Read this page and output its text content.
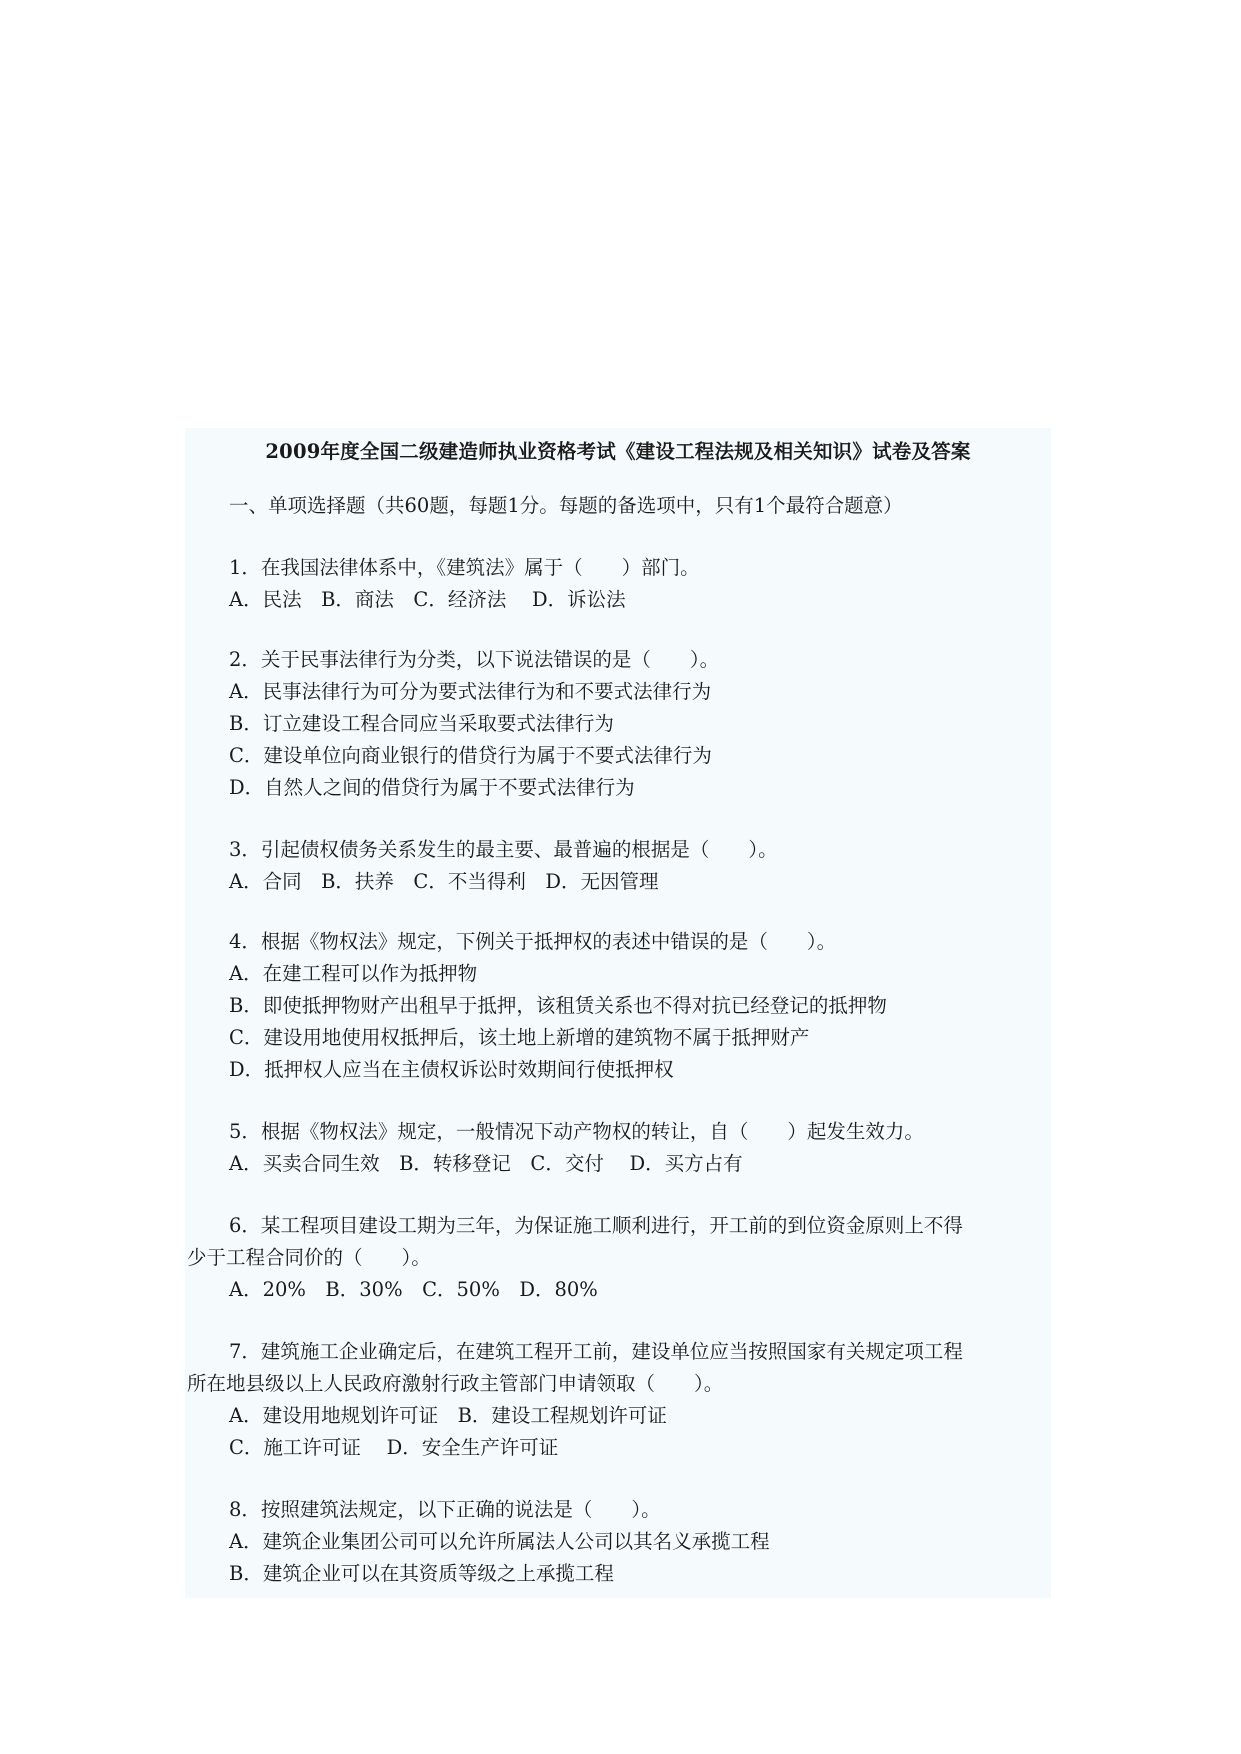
2009年度全国二级建造师执业资格考试《建设工程法规及相关知识》试卷及答案
一、单项选择题（共60题，每题1分。每题的备选项中，只有1个最符合题意）
1．在我国法律体系中，《建筑法》属于（　　）部门。
A．民法　B．商法　C．经济法　 D．诉讼法
2．关于民事法律行为分类，以下说法错误的是（　　）。
A．民事法律行为可分为要式法律行为和不要式法律行为
B．订立建设工程合同应当采取要式法律行为
C．建设单位向商业银行的借贷行为属于不要式法律行为
D．自然人之间的借贷行为属于不要式法律行为
3．引起债权债务关系发生的最主要、最普遍的根据是（　　）。
A．合同　B．扶养　C．不当得利　D．无因管理
4．根据《物权法》规定，下例关于抵押权的表述中错误的是（　　）。
A．在建工程可以作为抵押物
B．即使抵押物财产出租早于抵押，该租赁关系也不得对抗已经登记的抵押物
C．建设用地使用权抵押后，该土地上新增的建筑物不属于抵押财产
D．抵押权人应当在主债权诉讼时效期间行使抵押权
5．根据《物权法》规定，一般情况下动产物权的转让，自（　　）起发生效力。
A．买卖合同生效　B．转移登记　C．交付　 D．买方占有
6．某工程项目建设工期为三年，为保证施工顺利进行，开工前的到位资金原则上不得
少于工程合同价的（　　）。
A．20%　B．30%　C．50%　D．80%
7．建筑施工企业确定后，在建筑工程开工前，建设单位应当按照国家有关规定项工程
所在地县级以上人民政府激射行政主管部门申请领取（　　）。
A．建设用地规划许可证　B．建设工程规划许可证
C．施工许可证　 D．安全生产许可证
8．按照建筑法规定，以下正确的说法是（　　）。
A．建筑企业集团公司可以允许所属法人公司以其名义承揽工程
B．建筑企业可以在其资质等级之上承揽工程
